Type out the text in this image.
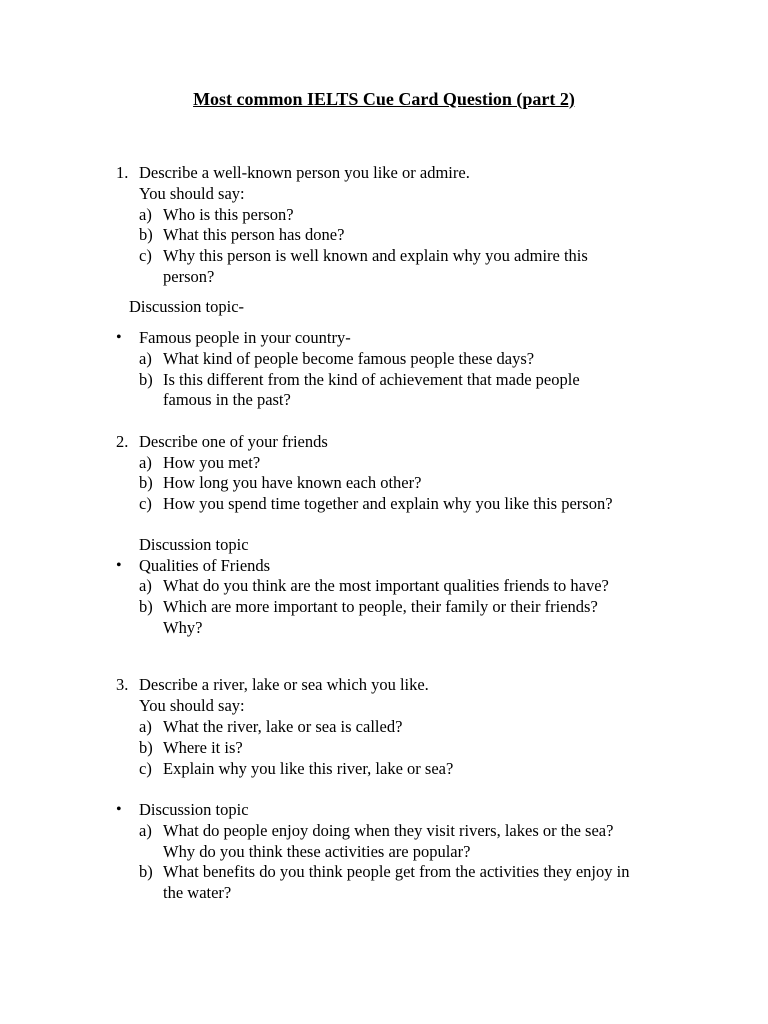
Most common IELTS Cue Card Question (part 2)
1. Describe a well-known person you like or admire.
You should say:
a) Who is this person?
b) What this person has done?
c) Why this person is well known and explain why you admire this
person?
Discussion topic-
• Famous people in your country-
a) What kind of people become famous people these days?
b) Is this different from the kind of achievement that made people
famous in the past?
2. Describe one of your friends
a) How you met?
b) How long you have known each other?
c) How you spend time together and explain why you like this person?
Discussion topic
• Qualities of Friends
a) What do you think are the most important qualities friends to have?
b) Which are more important to people, their family or their friends?
Why?
3. Describe a river, lake or sea which you like.
You should say:
a) What the river, lake or sea is called?
b) Where it is?
c) Explain why you like this river, lake or sea?
• Discussion topic
a) What do people enjoy doing when they visit rivers, lakes or the sea?
Why do you think these activities are popular?
b) What benefits do you think people get from the activities they enjoy in
the water?
